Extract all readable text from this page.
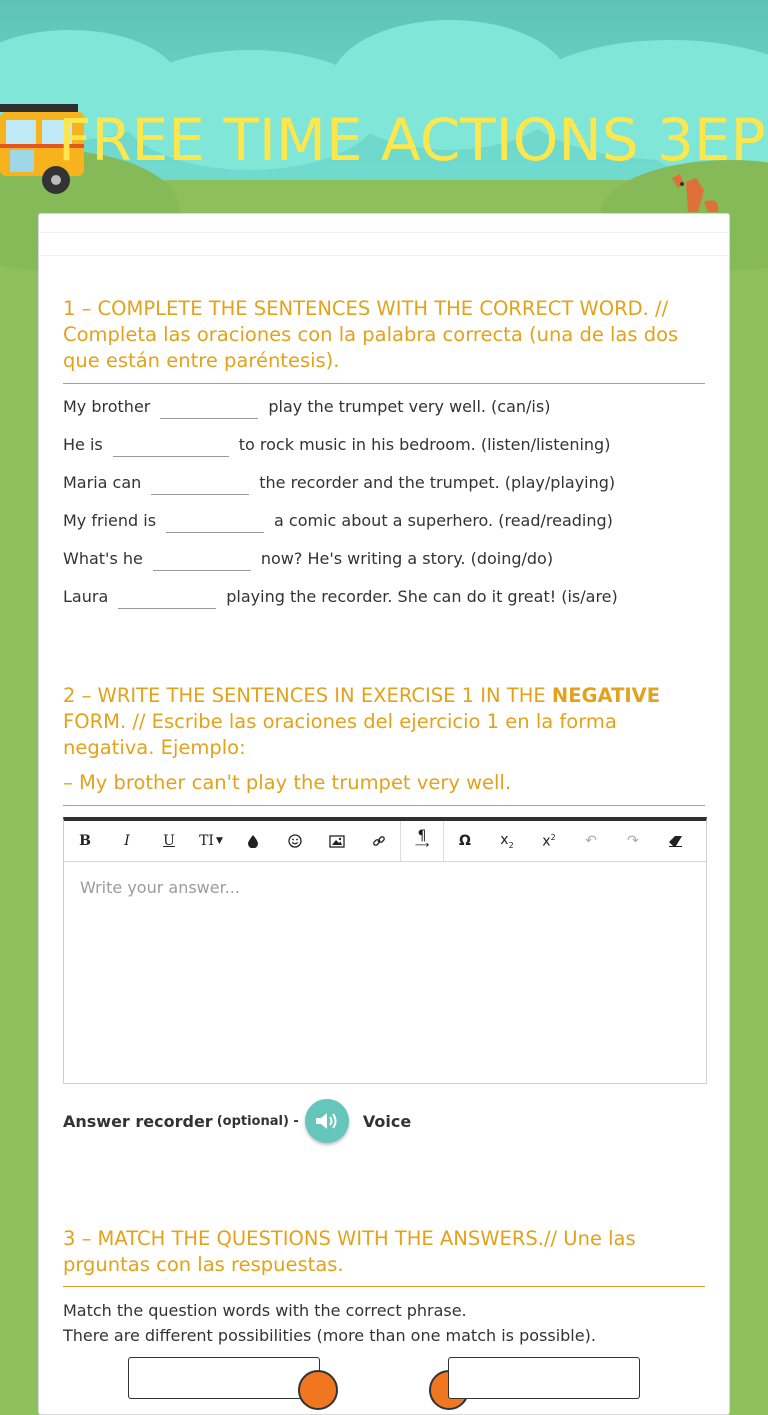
FREE TIME ACTIONS 3EP
1 – COMPLETE THE SENTENCES WITH THE CORRECT WORD. // Completa las oraciones con la palabra correcta (una de las dos que están entre paréntesis).
My brother	play the trumpet very well. (can/is)
He is	to rock music in his bedroom. (listen/listening)
Maria can	the recorder and the trumpet. (play/playing)
My friend is	a comic about a superhero. (read/reading)
What's he	now? He's writing a story. (doing/do)
Laura	playing the recorder. She can do it great! (is/are)
2 – WRITE THE SENTENCES IN EXERCISE 1 IN THE NEGATIVE FORM. // Escribe las oraciones del ejercicio 1 en la forma negativa. Ejemplo:
– My brother can't play the trumpet very well.
B	I	U	TI ▼	¶
⟶	Ω	$x_2$ $x^2$ ↶ ↷
Write your answer...
Answer recorder (optional) -	Voice
3 – MATCH THE QUESTIONS WITH THE ANSWERS.// Une las prguntas con las respuestas.
Match the question words with the correct phrase.
There are different possibilities (more than one match is possible).
